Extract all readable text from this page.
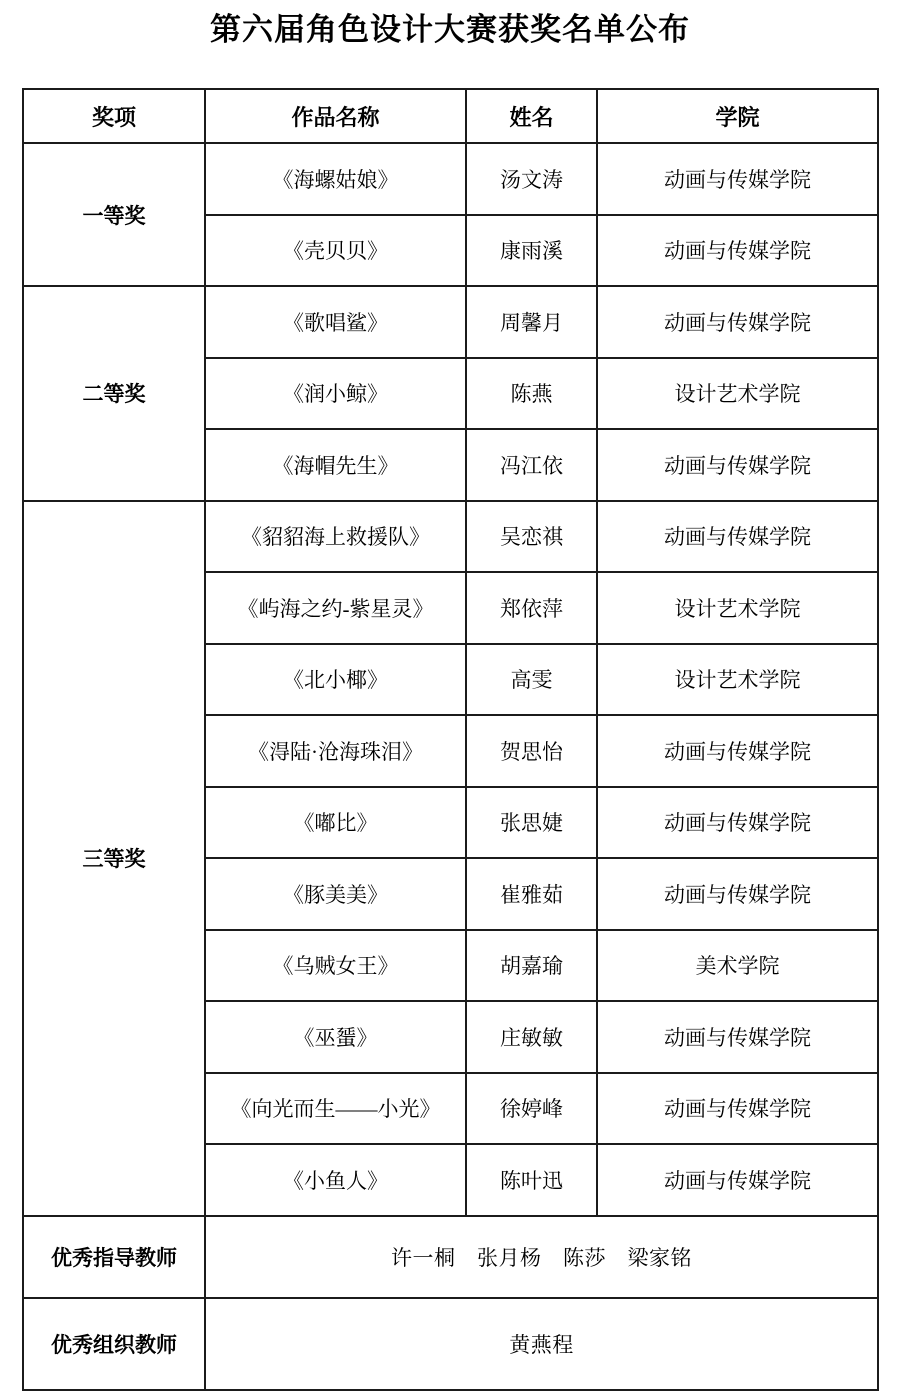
第六届角色设计大赛获奖名单公布
奖项	作品名称	姓名	学院
一等奖	《海螺姑娘》	汤文涛	动画与传媒学院
	《壳贝贝》	康雨溪	动画与传媒学院
二等奖	《歌唱鲨》	周馨月	动画与传媒学院
	《润小鲸》	陈燕	设计艺术学院
	《海帽先生》	冯江依	动画与传媒学院
三等奖	《貂貂海上救援队》	吴恋祺	动画与传媒学院
	《屿海之约-紫星灵》	郑依萍	设计艺术学院
	《北小椰》	高雯	设计艺术学院
	《淂陆·沧海珠泪》	贺思怡	动画与传媒学院
	《嘟比》	张思婕	动画与传媒学院
	《豚美美》	崔雅茹	动画与传媒学院
	《乌贼女王》	胡嘉瑜	美术学院
	《巫蜑》	庄敏敏	动画与传媒学院
	《向光而生——小光》	徐婷峰	动画与传媒学院
	《小鱼人》	陈叶迅	动画与传媒学院
优秀指导教师	许一桐　张月杨　陈莎　梁家铭		
优秀组织教师	黄燕程		
